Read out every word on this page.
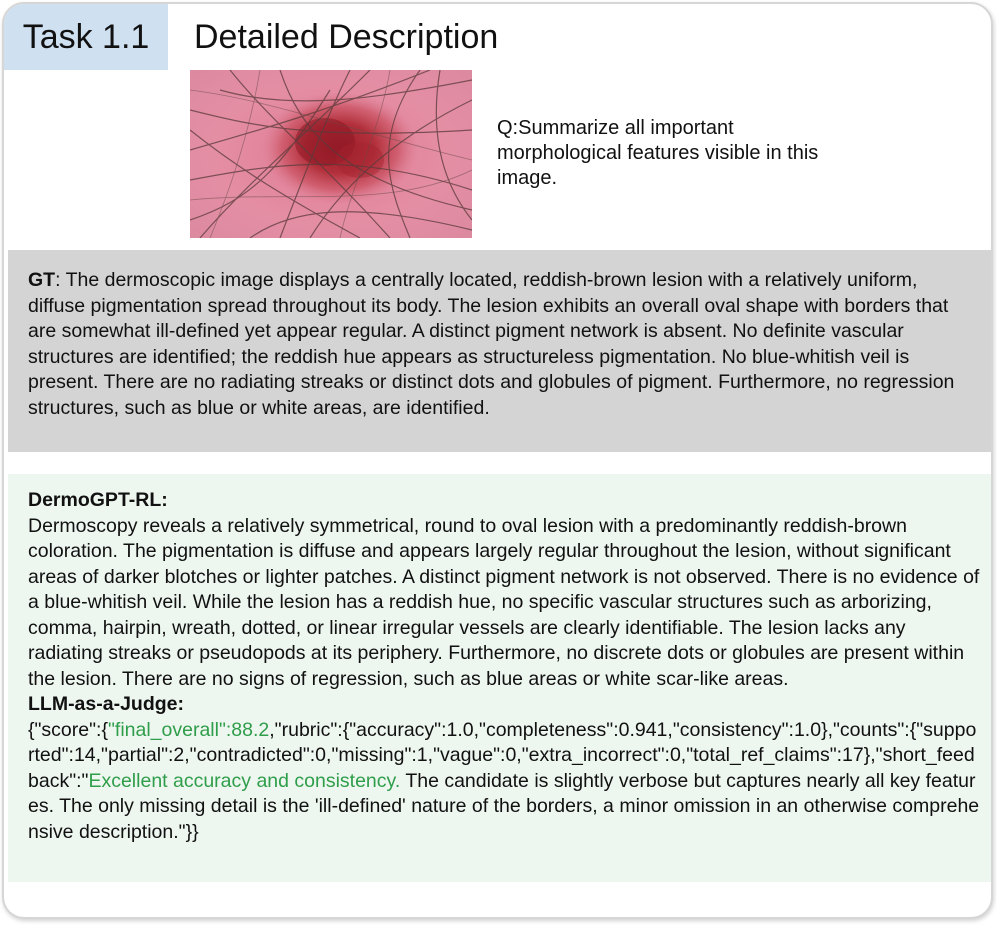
Task 1.1 Detailed Description
Q:Summarize all important morphological features visible in this image.
GT: The dermoscopic image displays a centrally located, reddish-brown lesion with a relatively uniform, diffuse pigmentation spread throughout its body. The lesion exhibits an overall oval shape with borders that are somewhat ill-defined yet appear regular. A distinct pigment network is absent. No definite vascular structures are identified; the reddish hue appears as structureless pigmentation. No blue-whitish veil is present. There are no radiating streaks or distinct dots and globules of pigment. Furthermore, no regression structures, such as blue or white areas, are identified.
DermoGPT-RL:
Dermoscopy reveals a relatively symmetrical, round to oval lesion with a predominantly reddish-brown coloration. The pigmentation is diffuse and appears largely regular throughout the lesion, without significant areas of darker blotches or lighter patches. A distinct pigment network is not observed. There is no evidence of a blue-whitish veil. While the lesion has a reddish hue, no specific vascular structures such as arborizing, comma, hairpin, wreath, dotted, or linear irregular vessels are clearly identifiable. The lesion lacks any radiating streaks or pseudopods at its periphery. Furthermore, no discrete dots or globules are present within the lesion. There are no signs of regression, such as blue areas or white scar-like areas.
LLM-as-a-Judge:
{"score":{"final_overall":88.2,"rubric":{"accuracy":1.0,"completeness":0.941,"consistency":1.0},"counts":{"supported":14,"partial":2,"contradicted":0,"missing":1,"vague":0,"extra_incorrect":0,"total_ref_claims":17},"short_feedback":"Excellent accuracy and consistency. The candidate is slightly verbose but captures nearly all key features. The only missing detail is the 'ill-defined' nature of the borders, a minor omission in an otherwise comprehensive description."}}
